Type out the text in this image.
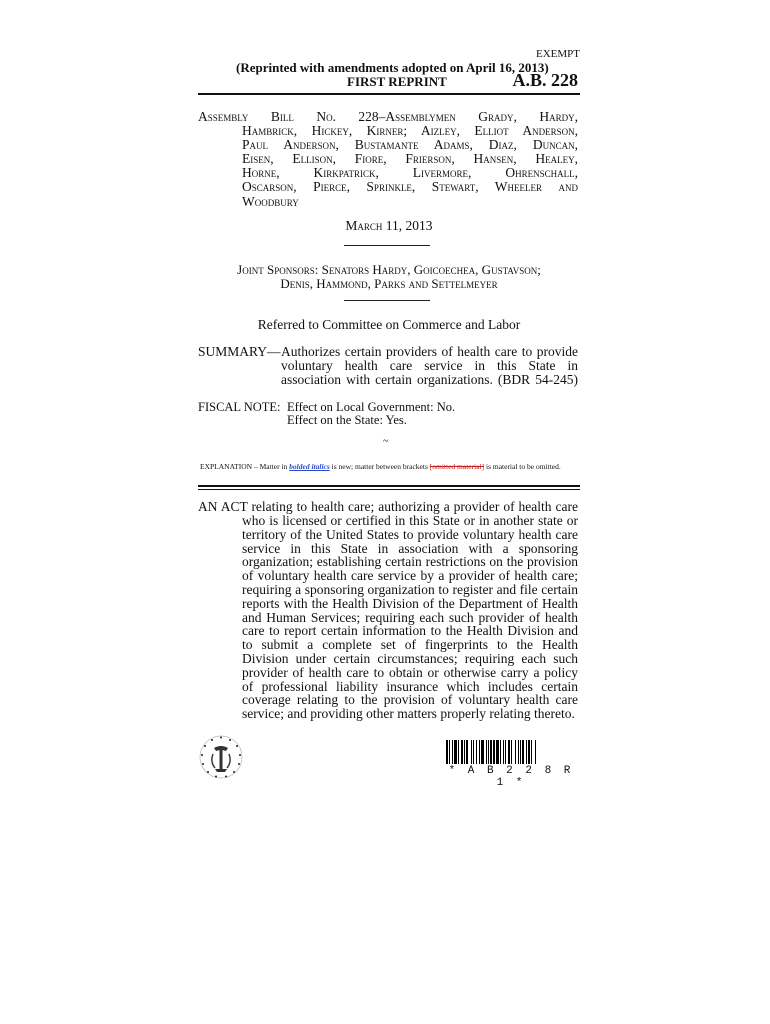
EXEMPT
(Reprinted with amendments adopted on April 16, 2013)
FIRST REPRINT	A.B. 228
Assembly Bill No. 228–Assemblymen Grady, Hardy,
Hambrick, Hickey, Kirner; Aizley, Elliot Anderson,
Paul Anderson, Bustamante Adams, Diaz, Duncan,
Eisen, Ellison, Fiore, Frierson, Hansen, Healey,
Horne, Kirkpatrick, Livermore, Ohrenschall,
Oscarson, Pierce, Sprinkle, Stewart, Wheeler and
Woodbury
March 11, 2013
Joint Sponsors: Senators Hardy, Goicoechea, Gustavson;
Denis, Hammond, Parks and Settelmeyer
Referred to Committee on Commerce and Labor
SUMMARY— Authorizes certain providers of health care to provide
voluntary health care service in this State in
association with certain organizations. (BDR 54-245)
FISCAL NOTE: Effect on Local Government: No.
Effect on the State: Yes.
~
EXPLANATION – Matter in bolded italics is new; matter between brackets [omitted material] is material to be omitted.
AN ACT relating to health care; authorizing a provider of health care
who is licensed or certified in this State or in another state or
territory of the United States to provide voluntary health care
service in this State in association with a sponsoring
organization; establishing certain restrictions on the provision
of voluntary health care service by a provider of health care;
requiring a sponsoring organization to register and file certain
reports with the Health Division of the Department of Health
and Human Services; requiring each such provider of health
care to report certain information to the Health Division and
to submit a complete set of fingerprints to the Health
Division under certain circumstances; requiring each such
provider of health care to obtain or otherwise carry a policy
of professional liability insurance which includes certain
coverage relating to the provision of voluntary health care
service; and providing other matters properly relating thereto.
* A B 2 2 8 R 1 *
